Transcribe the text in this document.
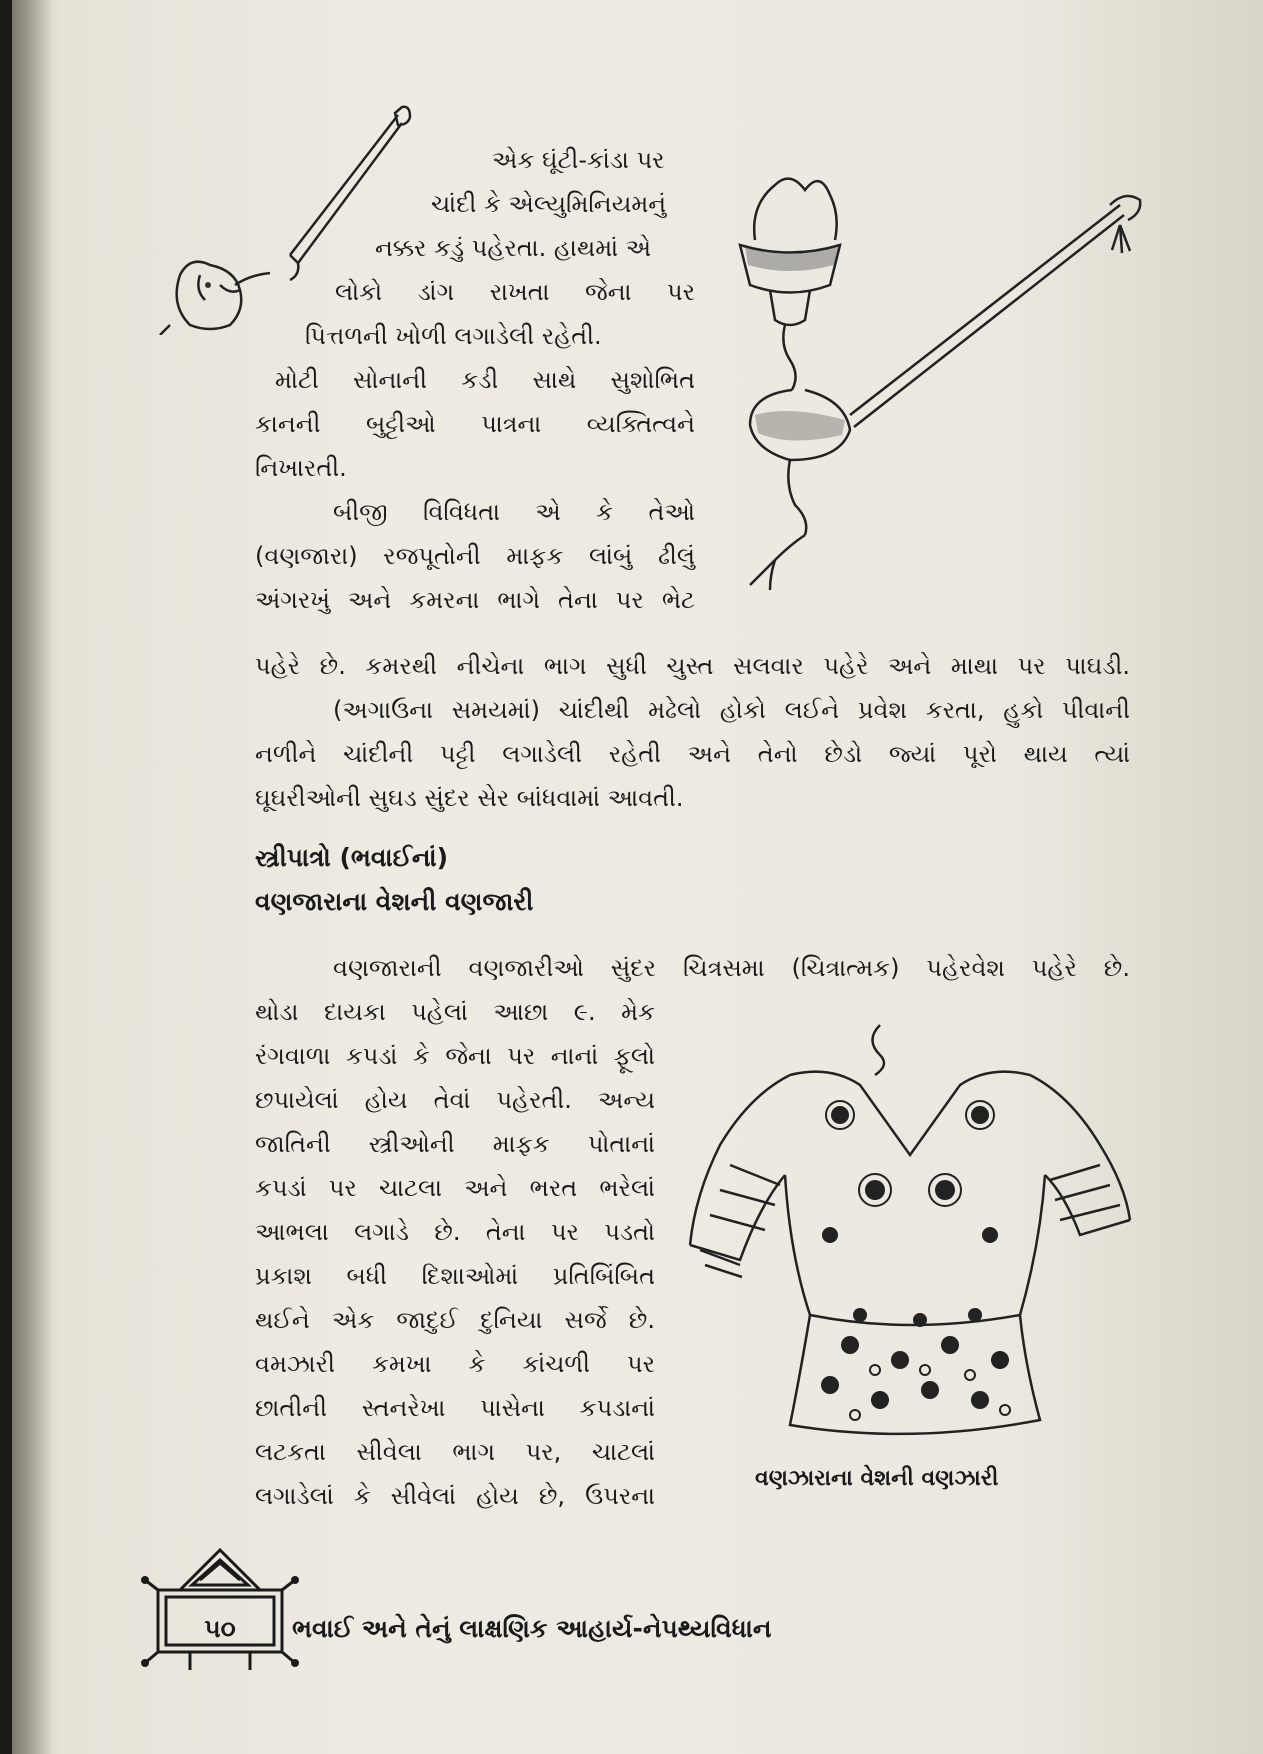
એક ઘૂંટી-કાંડા પર
ચાંદી કે એલ્યુમિનિયમનું
નક્કર કડું પહેરતા. હાથમાં એ
લોકો ડાંગ રાખતા જેના પર
પિત્તળની ખોળી લગાડેલી રહેતી.
મોટી સોનાની કડી સાથે સુશોભિત
કાનની બુટ્ટીઓ પાત્રના વ્યક્તિત્વને
નિખારતી.
બીજી વિવિધતા એ કે તેઓ
(વણજારા) રજપૂતોની માફક લાંબું ઢીલું
અંગરખું અને કમરના ભાગે તેના પર ભેટ
પહેરે છે. કમરથી નીચેના ભાગ સુધી ચુસ્ત સલવાર પહેરે અને માથા પર પાઘડી.
(અગાઉના સમયમાં) ચાંદીથી મઢેલો હોકો લઈને પ્રવેશ કરતા, હુકો પીવાની
નળીને ચાંદીની પટ્ટી લગાડેલી રહેતી અને તેનો છેડો જ્યાં પૂરો થાય ત્યાં
ઘૂઘરીઓની સુઘડ સુંદર સેર બાંધવામાં આવતી.
સ્ત્રીપાત્રો (ભવાઈનાં)
વણજારાના વેશની વણજારી
વણજારાની વણજારીઓ સુંદર ચિત્રસમા (ચિત્રાત્મક) પહેરવેશ પહેરે છે.
થોડા દાયકા પહેલાં આછા ૯. મેક
રંગવાળા કપડાં કે જેના પર નાનાં ફૂલો
છપાયેલાં હોય તેવાં પહેરતી. અન્ય
જાતિની સ્ત્રીઓની માફક પોતાનાં
કપડાં પર ચાટલા અને ભરત ભરેલાં
આભલા લગાડે છે. તેના પર પડતો
પ્રકાશ બધી દિશાઓમાં પ્રતિબિંબિત
થઈને એક જાદુઈ દુનિયા સર્જે છે.
વમઝારી કમખા કે કાંચળી પર
છાતીની સ્તનરેખા પાસેના કપડાનાં
લટકતા સીવેલા ભાગ પર, ચાટલાં
લગાડેલાં કે સીવેલાં હોય છે, ઉપરના
વણઝારાના વેશની વણઝારી
૫૦	ભવાઈ અને તેનું લાક્ષણિક આહાર્ય-નેપથ્યવિધાન
